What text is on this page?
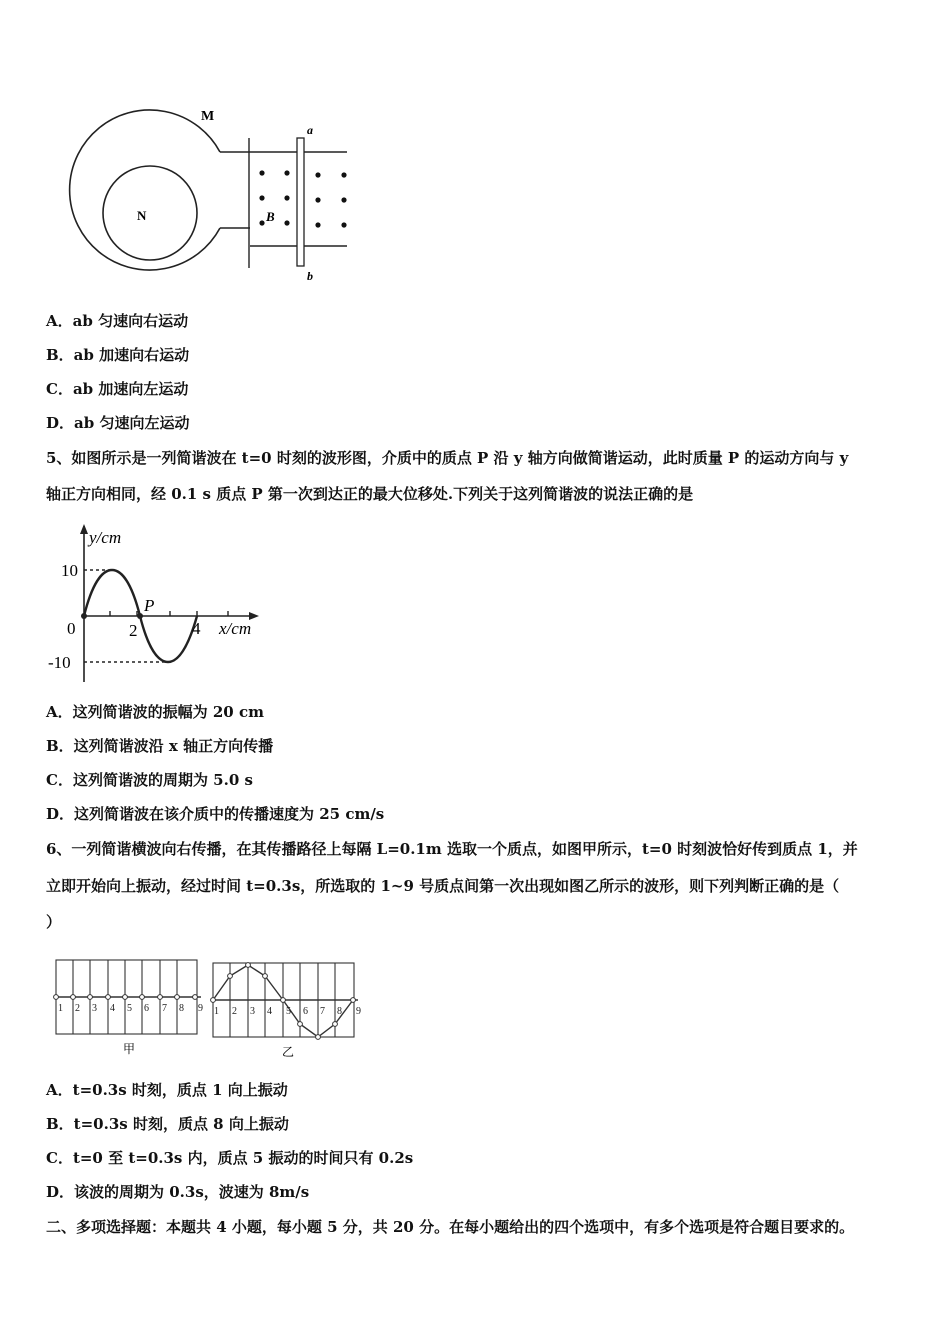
M
N
a
b
B
A．ab 匀速向右运动
B．ab 加速向右运动
C．ab 加速向左运动
D．ab 匀速向左运动
5、如图所示是一列简谐波在 t=0 时刻的波形图，介质中的质点 P 沿 y 轴方向做简谐运动，此时质量 P 的运动方向与 y
轴正方向相同，经 0.1 s 质点 P 第一次到达正的最大位移处.下列关于这列简谐波的说法正确的是
y/cm
x/cm
10
-10
0	2	4
P
A．这列简谐波的振幅为 20 cm
B．这列简谐波沿 x 轴正方向传播
C．这列简谐波的周期为 5.0 s
D．这列简谐波在该介质中的传播速度为 25 cm/s
6、一列简谐横波向右传播，在其传播路径上每隔 L=0.1m 选取一个质点，如图甲所示，t=0 时刻波恰好传到质点 1，并
立即开始向上振动，经过时间 t=0.3s，所选取的 1~9 号质点间第一次出现如图乙所示的波形，则下列判断正确的是（
）
1 2 3 4 5 6 7 8 9
甲
1 2 3 4 5 6 7 8 9
乙
A．t=0.3s 时刻，质点 1 向上振动
B．t=0.3s 时刻，质点 8 向上振动
C．t=0 至 t=0.3s 内，质点 5 振动的时间只有 0.2s
D．该波的周期为 0.3s，波速为 8m/s
二、多项选择题：本题共 4 小题，每小题 5 分，共 20 分。在每小题给出的四个选项中，有多个选项是符合题目要求的。
